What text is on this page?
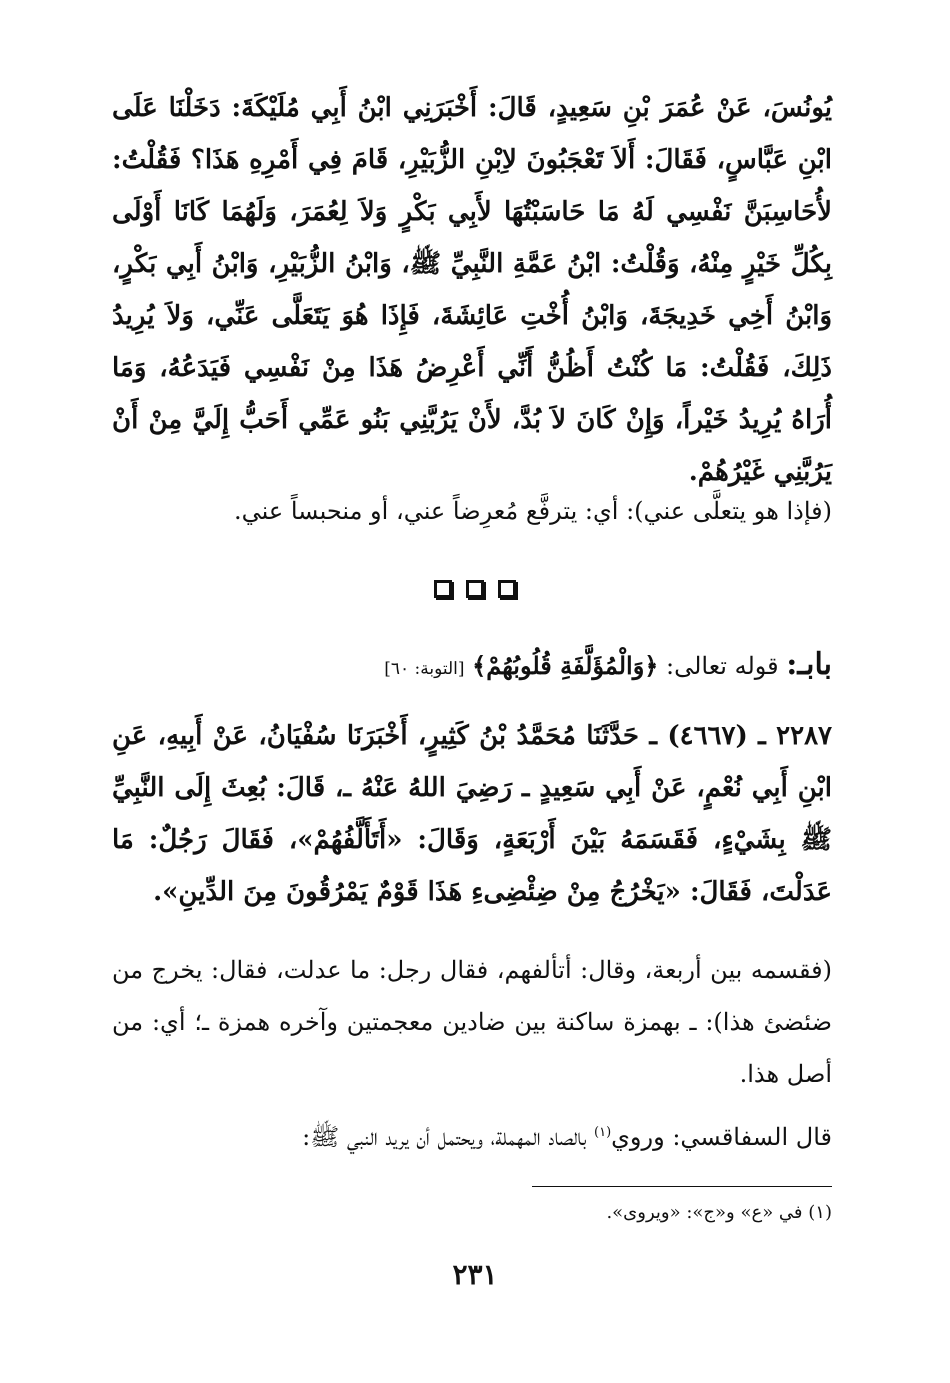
يُونُسَ، عَنْ عُمَرَ بْنِ سَعِيدٍ، قَالَ: أَخْبَرَنِي ابْنُ أَبِي مُلَيْكَةَ: دَخَلْنَا عَلَى ابْنِ عَبَّاسٍ، فَقَالَ: أَلاَ تَعْجَبُونَ لاِبْنِ الزُّبَيْرِ، قَامَ فِي أَمْرِهِ هَذَا؟ فَقُلْتُ: لأُحَاسِبَنَّ نَفْسِي لَهُ مَا حَاسَبْتُهَا لأَبِي بَكْرٍ وَلاَ لِعُمَرَ، وَلَهُمَا كَانَا أَوْلَى بِكُلِّ خَيْرٍ مِنْهُ، وَقُلْتُ: ابْنُ عَمَّةِ النَّبِيِّ ﷺ، وَابْنُ الزُّبَيْرِ، وَابْنُ أَبِي بَكْرٍ، وَابْنُ أَخِي خَدِيجَةَ، وَابْنُ أُخْتِ عَائِشَةَ، فَإِذَا هُوَ يَتَعَلَّى عَنِّي، وَلاَ يُرِيدُ ذَلِكَ، فَقُلْتُ: مَا كُنْتُ أَظُنُّ أَنِّي أَعْرِضُ هَذَا مِنْ نَفْسِي فَيَدَعُهُ، وَمَا أُرَاهُ يُرِيدُ خَيْراً، وَإِنْ كَانَ لاَ بُدَّ، لأَنْ يَرُبَّنِي بَنُو عَمِّي أَحَبُّ إِلَيَّ مِنْ أَنْ يَرُبَّنِي غَيْرُهُمْ.

(فإذا هو يتعلَّى عني): أي: يترفَّع مُعرِضاً عني، أو منحبساً عني.

بابـ: قوله تعالى: ﴿وَالْمُؤَلَّفَةِ قُلُوبُهُمْ﴾ [التوبة: ٦٠]

٢٢٨٧ ـ (٤٦٦٧) ـ حَدَّثَنَا مُحَمَّدُ بْنُ كَثِيرٍ، أَخْبَرَنَا سُفْيَانُ، عَنْ أَبِيهِ، عَنِ ابْنِ أَبِي نُعْمٍ، عَنْ أَبِي سَعِيدٍ ـ رَضِيَ اللهُ عَنْهُ ـ، قَالَ: بُعِثَ إِلَى النَّبِيِّ ﷺ بِشَيْءٍ، فَقَسَمَهُ بَيْنَ أَرْبَعَةٍ، وَقَالَ: «أَتَأَلَّفُهُمْ»، فَقَالَ رَجُلٌ: مَا عَدَلْتَ، فَقَالَ: «يَخْرُجُ مِنْ ضِئْضِىءِ هَذَا قَوْمٌ يَمْرُقُونَ مِنَ الدِّينِ».

(فقسمه بين أربعة، وقال: أتألفهم، فقال رجل: ما عدلت، فقال: يخرج من ضئضئ هذا): ـ بهمزة ساكنة بين ضادين معجمتين وآخره همزة ـ؛ أي: من أصل هذا.

قال السفاقسي: وروي$^{(١)}$ بالصاد المهملة، ويحتمل أن يريد النبي ﷺ:

(١) في «ع» و«ج»: «ويروى».
٢٣١
